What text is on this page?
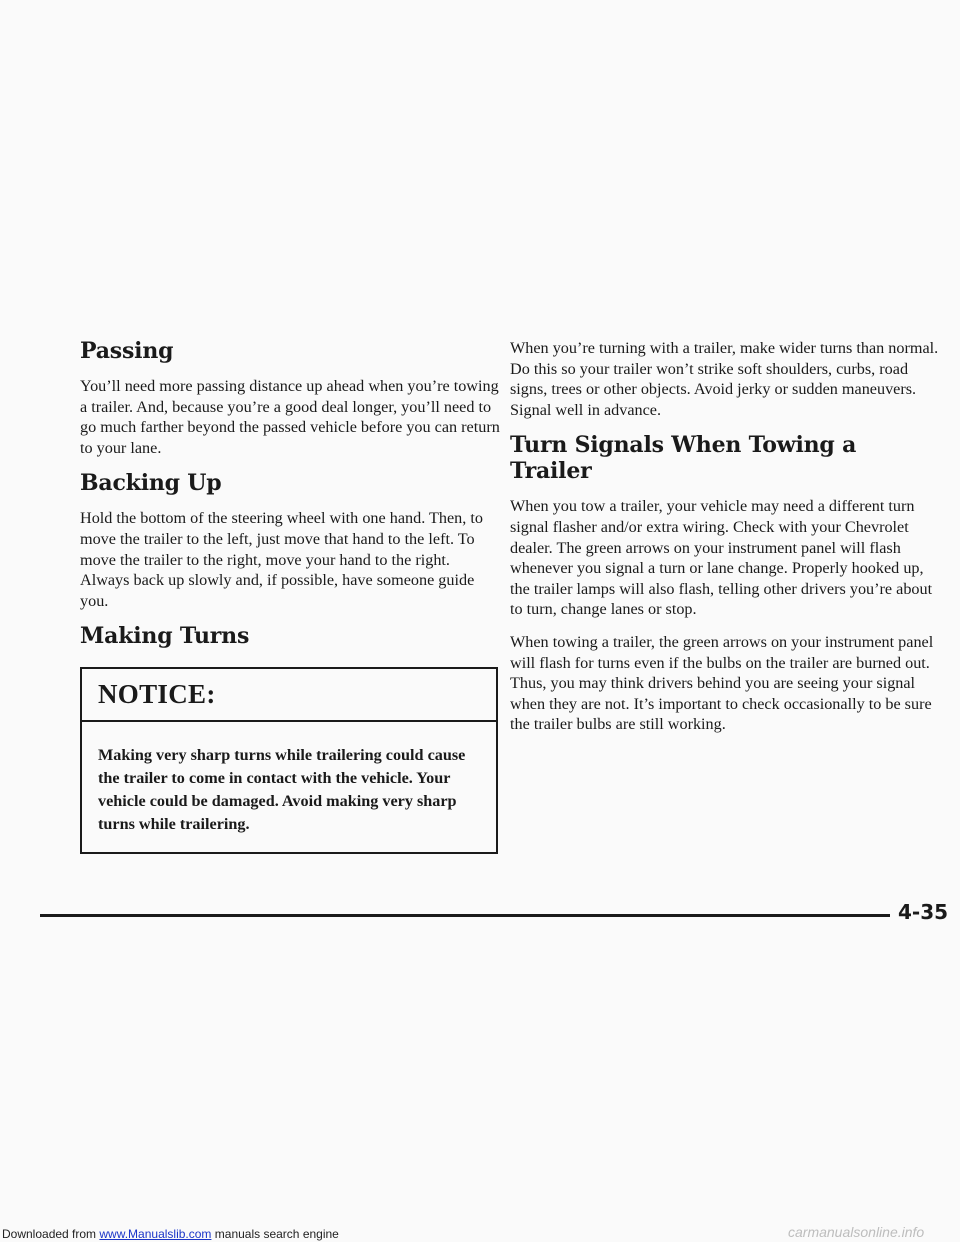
Passing

You’ll need more passing distance up ahead when you’re towing a trailer. And, because you’re a good deal longer, you’ll need to go much farther beyond the passed vehicle before you can return to your lane.

Backing Up

Hold the bottom of the steering wheel with one hand. Then, to move the trailer to the left, just move that hand to the left. To move the trailer to the right, move your hand to the right. Always back up slowly and, if possible, have someone guide you.

Making Turns
NOTICE:
Making very sharp turns while trailering could cause the trailer to come in contact with the vehicle. Your vehicle could be damaged. Avoid making very sharp turns while trailering.

When you’re turning with a trailer, make wider turns than normal. Do this so your trailer won’t strike soft shoulders, curbs, road signs, trees or other objects. Avoid jerky or sudden maneuvers. Signal well in advance.

Turn Signals When Towing a Trailer

When you tow a trailer, your vehicle may need a different turn signal flasher and/or extra wiring. Check with your Chevrolet dealer. The green arrows on your instrument panel will flash whenever you signal a turn or lane change. Properly hooked up, the trailer lamps will also flash, telling other drivers you’re about to turn, change lanes or stop.

When towing a trailer, the green arrows on your instrument panel will flash for turns even if the bulbs on the trailer are burned out. Thus, you may think drivers behind you are seeing your signal when they are not. It’s important to check occasionally to be sure the trailer bulbs are still working.

4-35
Downloaded from www.Manualslib.com manuals search engine	carmanualsonline.info
